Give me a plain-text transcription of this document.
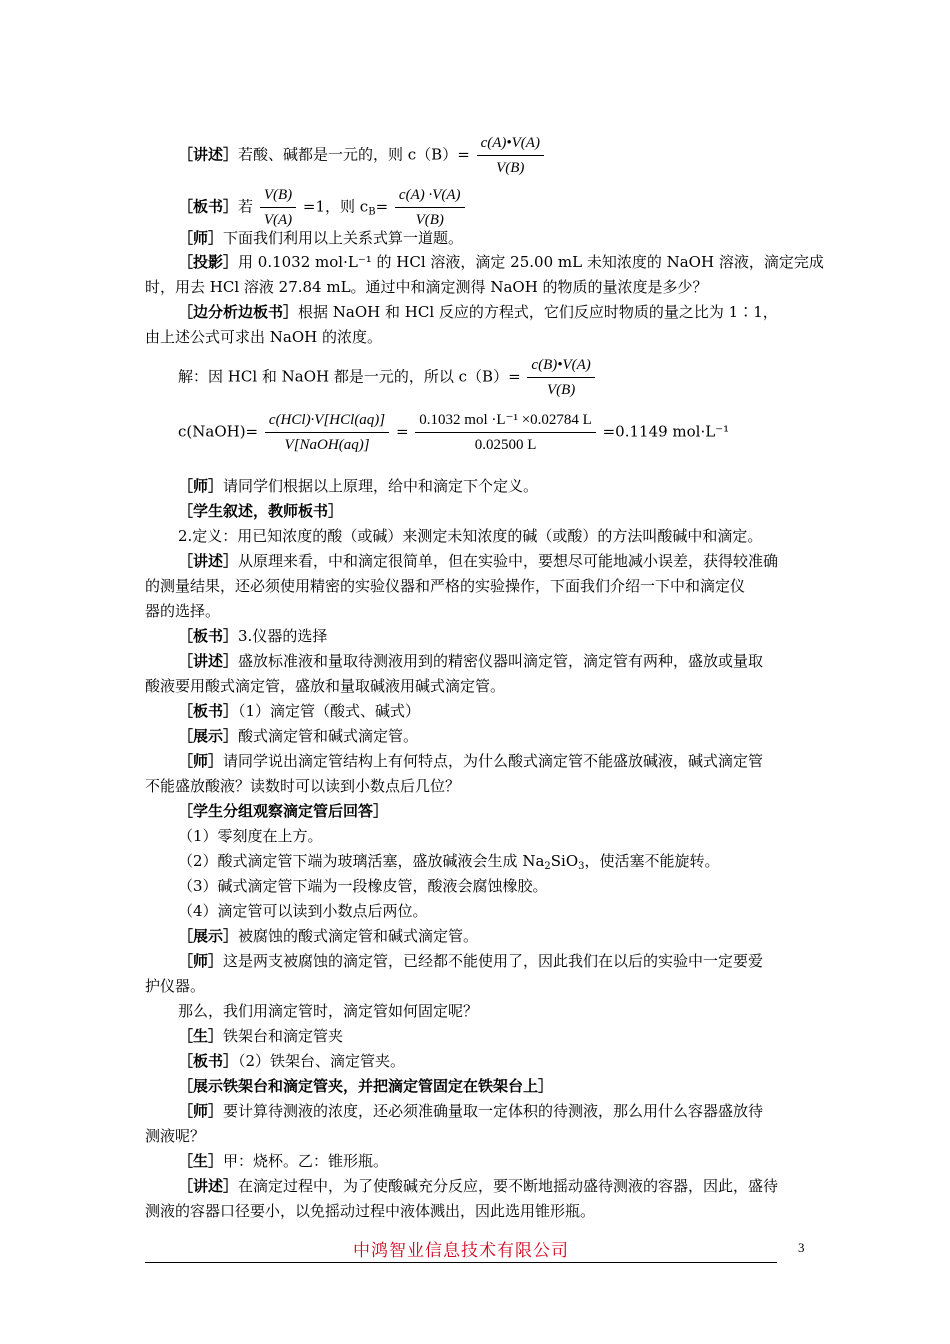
［讲述］若酸、碱都是一元的，则 $c(B)= \frac{c(A)•V(A)}{V(B)}$
［板书］若 $\frac{V(B)}{V(A)} =1$，则 $c_B= \frac{c(A) \cdot V(A)}{V(B)}$
［师］下面我们利用以上关系式算一道题。
［投影］用 0.1032 mol·L⁻¹ 的 HCl 溶液，滴定 25.00 mL 未知浓度的 NaOH 溶液，滴定完成
时，用去 HCl 溶液 27.84 mL。通过中和滴定测得 NaOH 的物质的量浓度是多少？
［边分析边板书］根据 NaOH 和 HCl 反应的方程式，它们反应时物质的量之比为 1∶1，
由上述公式可求出 NaOH 的浓度。
解：因 HCl 和 NaOH 都是一元的，所以 $c(B)= \frac{c(B)•V(A)}{V(B)}$
c(NaOH)= $\frac{\text{c(HCl)·V[HCl(aq)]}}{\text{V[NaOH(aq)]}} = \frac{\text{0.1032 mol ·L⁻¹ ×0.02784 L}}{0.02500 L} =0.1149$ mol·L⁻¹
［师］请同学们根据以上原理，给中和滴定下个定义。
［学生叙述，教师板书］
2.定义：用已知浓度的酸（或碱）来测定未知浓度的碱（或酸）的方法叫酸碱中和滴定。
［讲述］从原理来看，中和滴定很简单，但在实验中，要想尽可能地减小误差，获得较准确
的测量结果，还必须使用精密的实验仪器和严格的实验操作，下面我们介绍一下中和滴定仪
器的选择。
［板书］3.仪器的选择
［讲述］盛放标准液和量取待测液用到的精密仪器叫滴定管，滴定管有两种，盛放或量取
酸液要用酸式滴定管，盛放和量取碱液用碱式滴定管。
［板书］（1）滴定管（酸式、碱式）
［展示］酸式滴定管和碱式滴定管。
［师］请同学说出滴定管结构上有何特点，为什么酸式滴定管不能盛放碱液，碱式滴定管
不能盛放酸液？读数时可以读到小数点后几位？
［学生分组观察滴定管后回答］
（1）零刻度在上方。
（2）酸式滴定管下端为玻璃活塞，盛放碱液会生成 $Na_2SiO_3$，使活塞不能旋转。
（3）碱式滴定管下端为一段橡皮管，酸液会腐蚀橡胶。
（4）滴定管可以读到小数点后两位。
［展示］被腐蚀的酸式滴定管和碱式滴定管。
［师］这是两支被腐蚀的滴定管，已经都不能使用了，因此我们在以后的实验中一定要爱
护仪器。
那么，我们用滴定管时，滴定管如何固定呢？
［生］铁架台和滴定管夹
［板书］（2）铁架台、滴定管夹。
［展示铁架台和滴定管夹，并把滴定管固定在铁架台上］
［师］要计算待测液的浓度，还必须准确量取一定体积的待测液，那么用什么容器盛放待
测液呢？
［生］甲：烧杯。乙：锥形瓶。
［讲述］在滴定过程中，为了使酸碱充分反应，要不断地摇动盛待测液的容器，因此，盛待
测液的容器口径要小，以免摇动过程中液体溅出，因此选用锥形瓶。
中鸿智业信息技术有限公司	3
